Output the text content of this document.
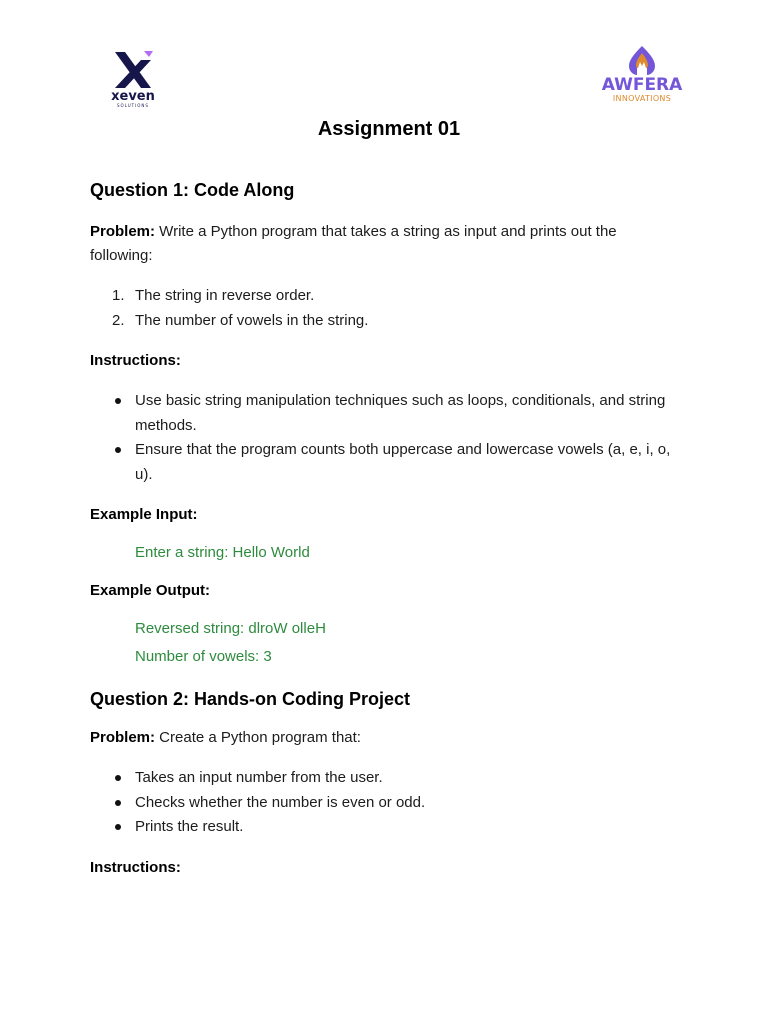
xeven
SOLUTIONS
AWFERA
INNOVATIONS
Assignment 01
Question 1: Code Along

Problem: Write a Python program that takes a string as input and prints out the following:

1. The string in reverse order.
2. The number of vowels in the string.

Instructions:

Use basic string manipulation techniques such as loops, conditionals, and string methods.
Ensure that the program counts both uppercase and lowercase vowels (a, e, i, o, u).

Example Input:

Enter a string: Hello World

Example Output:

Reversed string: dlroW olleH

Number of vowels: 3

Question 2: Hands-on Coding Project

Problem: Create a Python program that:

Takes an input number from the user.
Checks whether the number is even or odd.
Prints the result.

Instructions:
